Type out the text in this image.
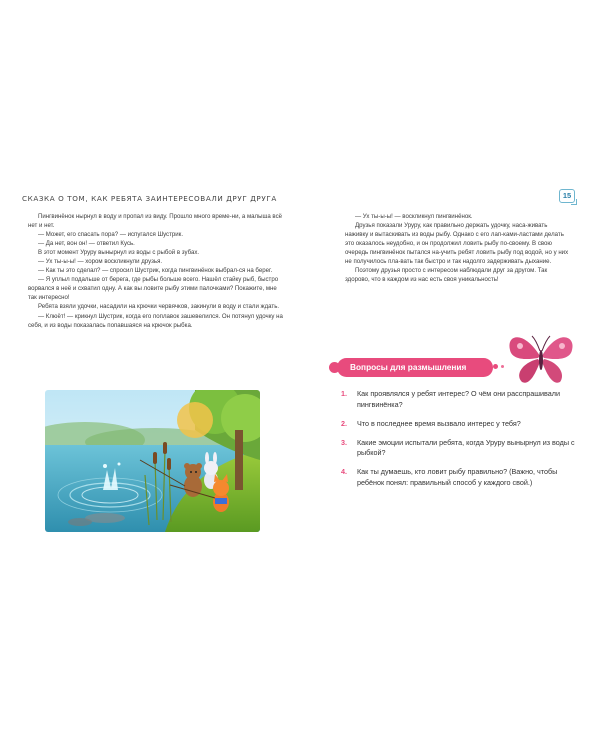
СКАЗКА О ТОМ, КАК РЕБЯТА ЗАИНТЕРЕСОВАЛИ ДРУГ ДРУГА	15

Пингвинёнок нырнул в воду и пропал из виду. Прошло много време-ни, а малыша всё нет и нет.

— Может, его спасать пора? — испугался Шустрик.

— Да нет, вон он! — ответил Кусь.

В этот момент Уруру вынырнул из воды с рыбой в зубах.

— Ух ты-ы-ы! — хором воскликнули друзья.

— Как ты это сделал? — спросил Шустрик, когда пингвинёнок выбрал-ся на берег.

— Я уплыл подальше от берега, где рыбы больше всего. Нашёл стайку рыб, быстро ворвался в неё и схватил одну. А как вы ловите рыбу этими палочками? Покажите, мне так интересно!

Ребята взяли удочки, насадили на крючки червячков, закинули в воду и стали ждать.

— Клюёт! — крикнул Шустрик, когда его поплавок зашевелился. Он потянул удочку на себя, и из воды показалась попавшаяся на крючок рыбка.

— Ух ты-ы-ы! — воскликнул пингвинёнок.

Друзья показали Уруру, как правильно держать удочку, наса-живать наживку и вытаскивать из воды рыбу. Однако с его лап-ками-ластами делать это оказалось неудобно, и он продолжил ловить рыбу по-своему. В свою очередь пингвинёнок пытался на-учить ребят ловить рыбу под водой, но у них не получилось пла-вать так быстро и так надолго задерживать дыхание.

Поэтому друзья просто с интересом наблюдали друг за другом. Так здорово, что в каждом из нас есть своя уникальность!

Вопросы для размышления
1.	Как проявлялся у ребят интерес? О чём они расспрашивали пингвинёнка?
2.	Что в последнее время вызвало интерес у тебя?
3.	Какие эмоции испытали ребята, когда Уруру вынырнул из воды с рыбкой?
4.	Как ты думаешь, кто ловит рыбу правильно? (Важно, чтобы ребёнок понял: правильный способ у каждого свой.)
